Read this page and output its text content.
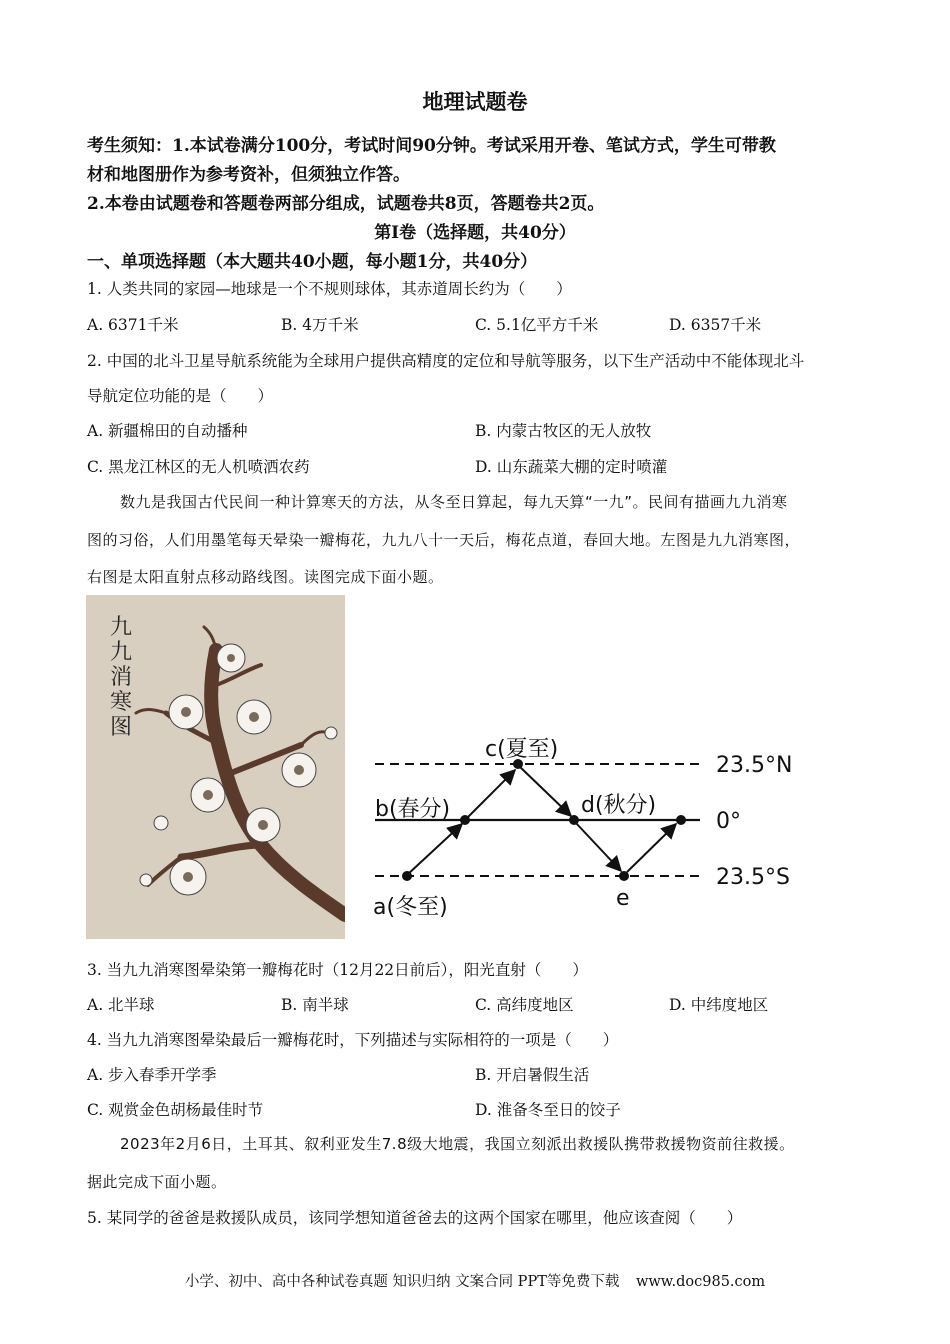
地理试题卷
考生须知：1.本试卷满分100分，考试时间90分钟。考试采用开卷、笔试方式，学生可带教
材和地图册作为参考资补，但须独立作答。
2.本卷由试题卷和答题卷两部分组成，试题卷共8页，答题卷共2页。
第Ⅰ卷（选择题，共40分）
一、单项选择题（本大题共40小题，每小题1分，共40分）
1. 人类共同的家园—地球是一个不规则球体，其赤道周长约为（　　）
A. 6371千米	B. 4万千米	C. 5.1亿平方千米	D. 6357千米
2. 中国的北斗卫星导航系统能为全球用户提供高精度的定位和导航等服务，以下生产活动中不能体现北斗
导航定位功能的是（　　）
A. 新疆棉田的自动播种	B. 内蒙古牧区的无人放牧
C. 黑龙江林区的无人机喷洒农药	D. 山东蔬菜大棚的定时喷灌
数九是我国古代民间一种计算寒天的方法，从冬至日算起，每九天算“一九”。民间有描画九九消寒
图的习俗，人们用墨笔每天晕染一瓣梅花，九九八十一天后，梅花点道，春回大地。左图是九九消寒图，
右图是太阳直射点移动路线图。读图完成下面小题。
九
九
消
寒
图
c(夏至)
b(春分)	d(秋分)
a(冬至)	e
23.5°N
0°
23.5°S
3. 当九九消寒图晕染第一瓣梅花时（12月22日前后），阳光直射（　　）
A. 北半球	B. 南半球	C. 高纬度地区	D. 中纬度地区
4. 当九九消寒图晕染最后一瓣梅花时，下列描述与实际相符的一项是（　　）
A. 步入春季开学季	B. 开启暑假生活
C. 观赏金色胡杨最佳时节	D. 淮备冬至日的饺子
2023年2月6日，土耳其、叙利亚发生7.8级大地震，我国立刻派出救援队携带救援物资前往救援。
据此完成下面小题。
5. 某同学的爸爸是救援队成员，该同学想知道爸爸去的这两个国家在哪里，他应该查阅（　　）
小学、初中、高中各种试卷真题 知识归纳 文案合同 PPT等免费下载 www.doc985.com
